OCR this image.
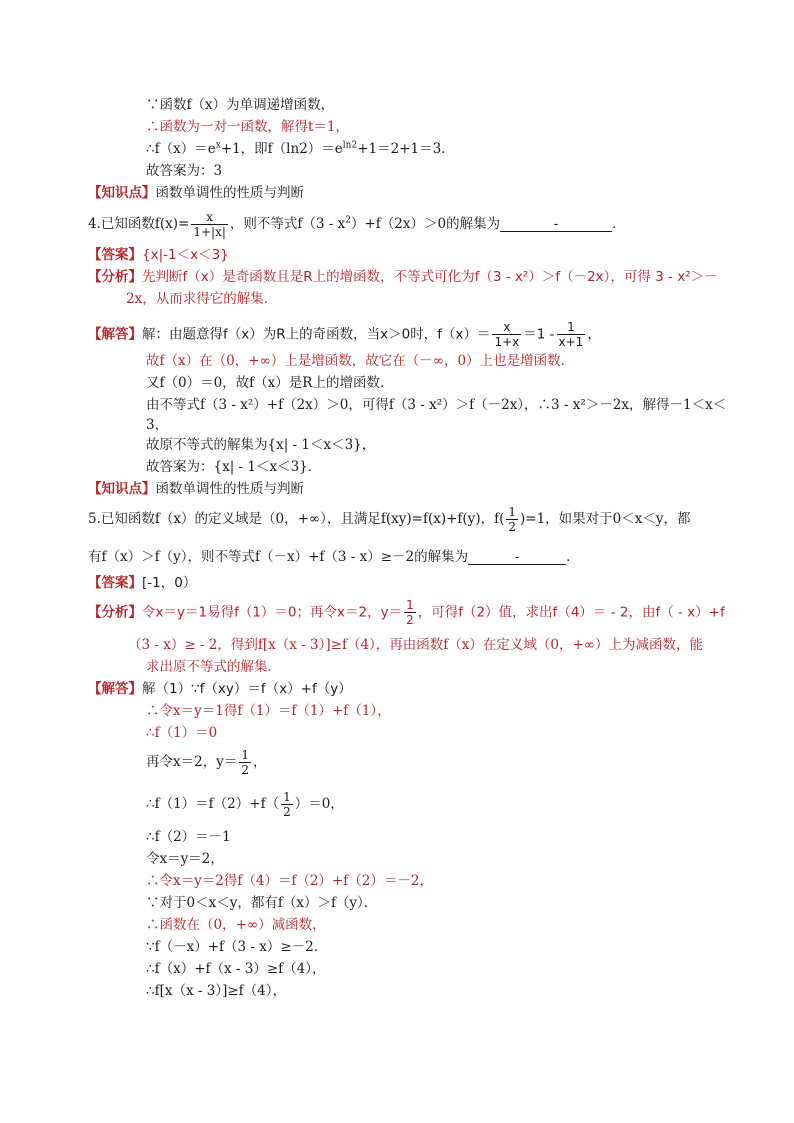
∵函数f（x）为单调递增函数，
∴函数为一对一函数，解得t＝1，
$\therefore f(x)=e^x+1$，即$f(\ln 2)=e^{ln2}+1=2+1=3$．
故答案为：3
【知识点】函数单调性的性质与判断
4.已知函数$f(x)= \frac{x}{1+|x|}$ ，则不等式$f(3 - x^2)+f(2x)>0$的解集为	-	．
【答案】{x|-1＜x＜3}
【分析】先判断f（x）是奇函数且是R上的增函数，不等式可化为f（3 - x²）＞f（－2x），可得 3 - x²＞－
2x，从而求得它的解集．
【解答】解：由题意得f（x）为R上的奇函数，当x＞0时，$f(x)= \frac{x}{1+x} =1 - \frac{1}{x+1}$ ，
故f（x）在（0，+∞）上是增函数，故它在（－∞，0）上也是增函数．
又f（0）＝0，故f（x）是R上的增函数．
由不等式f（3 - x²）+f（2x）＞0，可得f（3 - x²）＞f（－2x），∴3 - x²＞－2x，解得－1＜x＜
3，
故原不等式的解集为{x| - 1＜x＜3}，
故答案为：{x| - 1＜x＜3}．
【知识点】函数单调性的性质与判断
5.已知函数f（x）的定义域是（0，+∞），且满足f(xy)=f(x)+f(y)，$f( \frac{1}{2} )=1$，如果对于0＜x＜y，都
有f（x）＞f（y），则不等式f（－x）+f（3 - x）≥－2的解集为	-	．
【答案】[-1，0）
【分析】令x＝y＝1易得f（1）＝0；再令x＝2，$y= \frac{1}{2}$ ，可得f（2）值，求出f（4）＝ - 2，由f（ - x）+f
（3 - x）≥ - 2，得到f[x（x - 3）]≥f（4），再由函数f（x）在定义域（0，+∞）上为减函数，能
求出原不等式的解集．
【解答】解（1）∵f（xy）＝f（x）+f（y）
∴令x＝y＝1得f（1）＝f（1）+f（1），
∴f（1）＝0
再令x＝2，$y= \frac{1}{2}$ ，
∴f（1）＝f（2）+f（ $\frac{1}{2} )=0$，
∴f（2）＝－1
令x＝y＝2，
∴令x＝y＝2得f（4）＝f（2）+f（2）＝－2，
∵对于0＜x＜y，都有f（x）＞f（y）．
∴函数在（0，+∞）减函数，
∵f（－x）+f（3 - x）≥－2．
∴f（x）+f（x - 3）≥f（4），
∴f[x（x - 3）]≥f（4），
